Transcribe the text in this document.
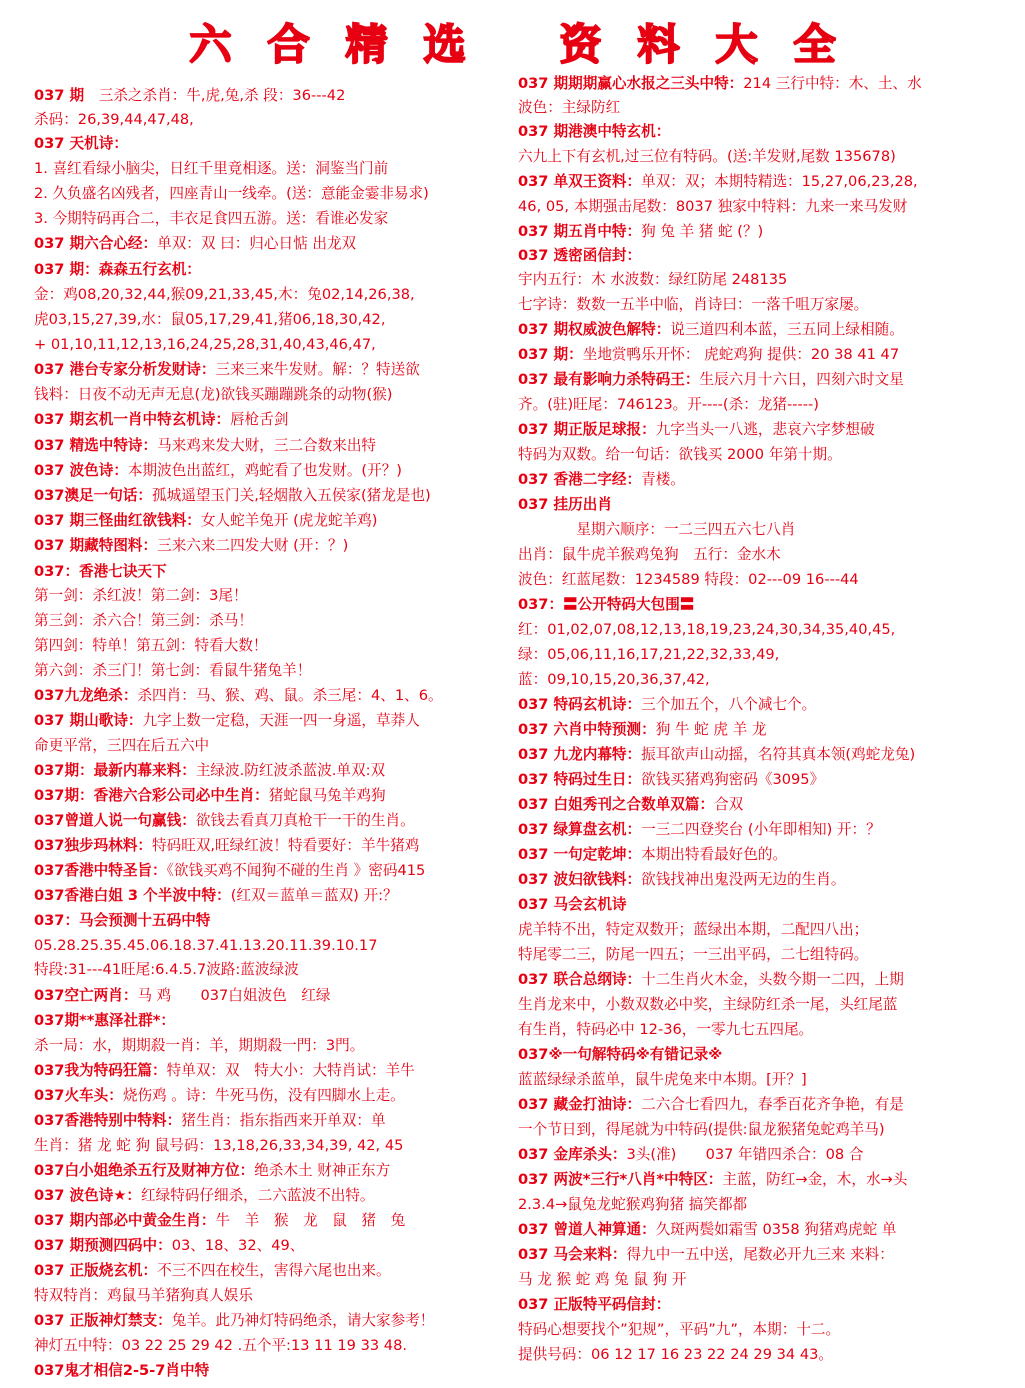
六 合 精 选 资 料 大 全
037 期　三杀之杀肖：牛,虎,兔,杀 段：36---42
杀码：26,39,44,47,48,
037 天机诗：
1. 喜红看绿小脑尖，日红千里竟相逐。送：洞鉴当门前
2. 久负盛名凶残者，四座青山一线牵。(送：意能金霎非易求)
3. 今期特码再合二，丰衣足食四五游。送：看谁必发家
037 期六合心经：单双：双 曰：归心日惦 出龙双
037 期：森森五行玄机：
金：鸡08,20,32,44,猴09,21,33,45,木：兔02,14,26,38,
虎03,15,27,39,水：鼠05,17,29,41,猪06,18,30,42,
+ 01,10,11,12,13,16,24,25,28,31,40,43,46,47,
037 港台专家分析发财诗：三来三来牛发财。解：？特送欲
钱料：日夜不动无声无息(龙)欲钱买蹦蹦跳条的动物(猴)
037 期玄机一肖中特玄机诗：唇枪舌剑
037 精选中特诗：马来鸡来发大财，三二合数来出特
037 波色诗：本期波色出蓝红，鸡蛇看了也发财。(开？)
037澳足一句话：孤城遥望玉门关,轻烟散入五侯家(猪龙是也)
037 期三怪曲红欲钱料：女人蛇羊兔开 (虎龙蛇羊鸡)
037 期藏特图料：三来六来二四发大财 (开：？)
037：香港七诀天下
第一剑：杀红波！第二剑：3尾！
第三剑：杀六合！第三剑：杀马！
第四剑：特单！第五剑：特看大数！
第六剑：杀三门！第七剑：看鼠牛猪兔羊！
037九龙绝杀：杀四肖：马、猴、鸡、鼠。杀三尾：4、1、6。
037 期山歌诗：九字上数一定稳，天涯一四一身遥，草莽人
命更平常，三四在后五六中
037期：最新内幕来料：主绿波.防红波杀蓝波.单双:双
037期：香港六合彩公司必中生肖：猪蛇鼠马兔羊鸡狗
037曾道人说一句赢钱：欲钱去看真刀真枪干一干的生肖。
037独步玛林料：特码旺双,旺绿红波！特看要好：羊牛猪鸡
037香港中特圣旨：《欲钱买鸡不闻狗不碰的生肖 》密码415
037香港白姐 3 个半波中特：(红双＝蓝单＝蓝双) 开:？
037：马会预测十五码中特
05.28.25.35.45.06.18.37.41.13.20.11.39.10.17
特段:31---41旺尾:6.4.5.7波路:蓝波绿波
037空亡两肖：马 鸡　　037白姐波色　红绿
037期**惠泽社群*：
杀一局：水，期期殺一肖：羊，期期殺一門：3門。
037我为特码狂篇：特单双：双　特大小：大特肖试：羊牛
037火车头：烧伤鸡 。诗：牛死马伤，没有四脚水上走。
037香港特别中特料：猪生肖：指东指西来开单双：单
生肖：猪 龙 蛇 狗 鼠号码：13,18,26,33,34,39, 42, 45
037白小姐绝杀五行及财神方位：绝杀木土 财神正东方
037 波色诗★：红绿特码仔细杀，二六蓝波不出特。
037 期内部必中黄金生肖：牛　羊　猴　龙　鼠　猪　兔
037 期预测四码中：03、18、32、49、
037 正版烧玄机：不三不四在校生，害得六尾也出来。
特双特肖：鸡鼠马羊猪狗真人娱乐
037 正版神灯禁支：兔羊。此乃神灯特码绝杀，请大家参考！
神灯五中特：03 22 25 29 42 .五个平:13 11 19 33 48.
037鬼才相信2-5-7肖中特
037 期期期赢心水报之三头中特：214 三行中特：木、土、水
波色：主绿防红
037 期港澳中特玄机：
六九上下有玄机,过三位有特码。(送:羊发财,尾数 135678)
037 单双王资料：单双：双；本期特精选：15,27,06,23,28,
46, 05, 本期强击尾数：8037 独家中特料：九来一来马发财
037 期五肖中特：狗 兔 羊 猪 蛇 (？)
037 透密函信封：
宇内五行：木 水波数：绿红防尾 248135
七字诗：数数一五半中临，肖诗曰：一落千咀万家屡。
037 期权威波色解特：说三道四利本蓝，三五同上绿相随。
037 期：坐地赏鸭乐开怀： 虎蛇鸡狗 提供：20 38 41 47
037 最有影响力杀特码王：生辰六月十六日，四刻六时文星
齐。(驻)旺尾：746123。开----(杀：龙猪-----)
037 期正版足球报：九字当头一八逃，悲哀六字梦想破
特码为双数。给一句话：欲钱买 2000 年第十期。
037 香港二字经：青楼。
037 挂历出肖
　　　　星期六顺序：一二三四五六七八肖
出肖：鼠牛虎羊猴鸡兔狗　五行：金水木
波色：红蓝尾数：1234589 特段：02---09 16---44
037：〓公开特码大包围〓
红：01,02,07,08,12,13,18,19,23,24,30,34,35,40,45,
绿：05,06,11,16,17,21,22,32,33,49,
蓝：09,10,15,20,36,37,42,
037 特码玄机诗：三个加五个，八个减七个。
037 六肖中特预测：狗 牛 蛇 虎 羊 龙
037 九龙内幕特：振耳欲声山动摇，名符其真本领(鸡蛇龙兔)
037 特码过生日：欲钱买猪鸡狗密码《3095》
037 白姐秀刊之合数单双篇：合双
037 绿算盘玄机：一三二四登奖台 (小年即相知) 开：？
037 一句定乾坤：本期出特看最好色的。
037 波妇欲钱料：欲钱找神出鬼没两无边的生肖。
037 马会玄机诗
虎羊特不出，特定双数开；蓝绿出本期，二配四八出；
特尾零二三，防尾一四五；一三出平码，二七组特码。
037 联合总纲诗：十二生肖火木金，头数今期一二四，上期
生肖龙来中，小数双数必中奖，主绿防红杀一尾，头红尾蓝
有生肖，特码必中 12-36，一零九七五四尾。
037※一句解特码※有错记录※
蓝蓝绿绿杀蓝单，鼠牛虎兔来中本期。[开？]
037 藏金打油诗：二六合七看四九，春季百花齐争艳，有是
一个节日到，得尾就为中特码(提供:鼠龙猴猪兔蛇鸡羊马)
037 金库杀头：3头(准)　　037 年错四杀合：08 合
037 两波*三行*八肖*中特区：主蓝，防红→金，木，水→头
2.3.4→鼠兔龙蛇猴鸡狗猪 搞笑都都
037 曾道人神算通：久斑两鬓如霜雪 0358 狗猪鸡虎蛇 单
037 马会来料：得九中一五中送，尾数必开九三来 来料：
马 龙 猴 蛇 鸡 兔 鼠 狗 开
037 正版特平码信封：
特码心想要找个”犯规”，平码”九”，本期：十二。
提供号码：06 12 17 16 23 22 24 29 34 43。
